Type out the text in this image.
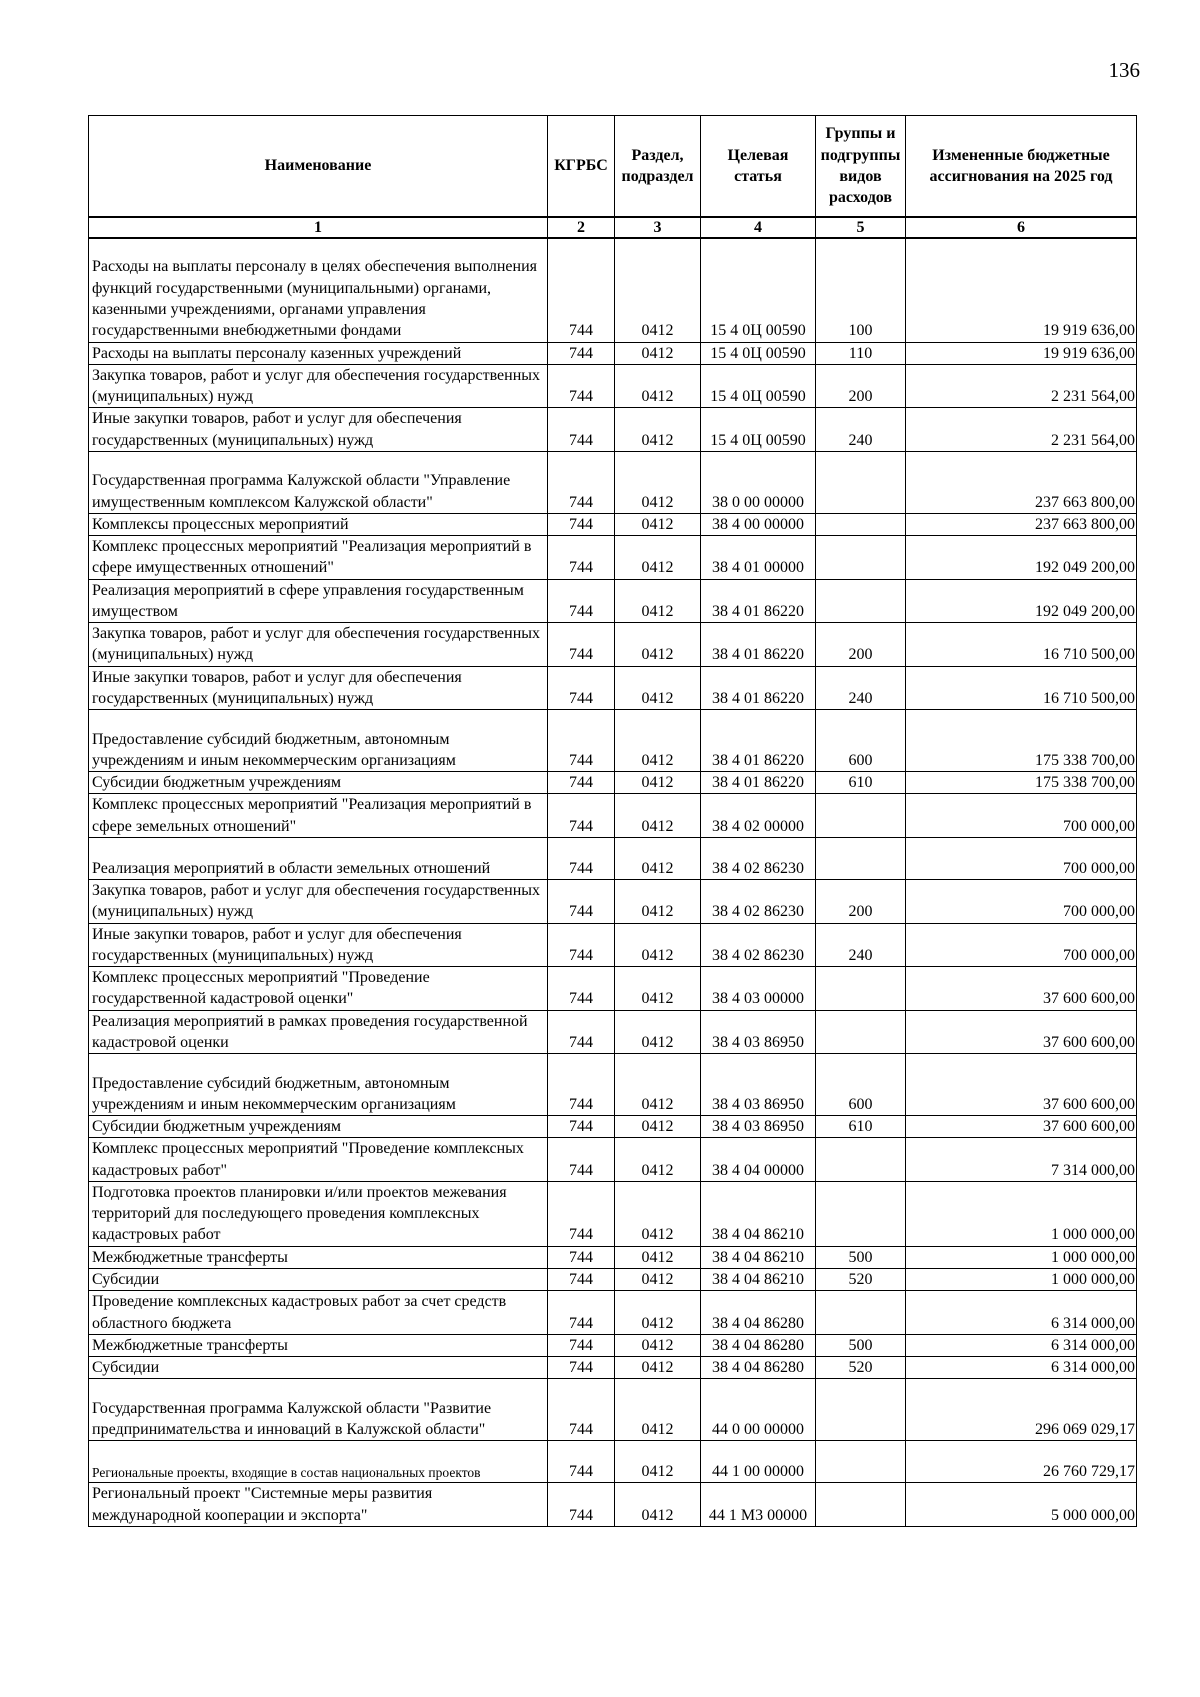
136
Наименование	КГРБС	Раздел, подраздел	Целевая статья	Группы и подгруппы видов расходов	Измененные бюджетные ассигнования на 2025 год
1	2	3	4	5	6
Расходы на выплаты персоналу в целях обеспечения выполнения функций государственными (муниципальными) органами, казенными учреждениями, органами управления государственными внебюджетными фондами	744	0412	15 4 0Ц 00590	100	19 919 636,00
Расходы на выплаты персоналу казенных учреждений	744	0412	15 4 0Ц 00590	110	19 919 636,00
Закупка товаров, работ и услуг для обеспечения государственных (муниципальных) нужд	744	0412	15 4 0Ц 00590	200	2 231 564,00
Иные закупки товаров, работ и услуг для обеспечения государственных (муниципальных) нужд	744	0412	15 4 0Ц 00590	240	2 231 564,00
Государственная программа Калужской области "Управление имущественным комплексом Калужской области"	744	0412	38 0 00 00000		237 663 800,00
Комплексы процессных мероприятий	744	0412	38 4 00 00000		237 663 800,00
Комплекс процессных мероприятий "Реализация мероприятий в сфере имущественных отношений"	744	0412	38 4 01 00000		192 049 200,00
Реализация мероприятий в сфере управления государственным имуществом	744	0412	38 4 01 86220		192 049 200,00
Закупка товаров, работ и услуг для обеспечения государственных (муниципальных) нужд	744	0412	38 4 01 86220	200	16 710 500,00
Иные закупки товаров, работ и услуг для обеспечения государственных (муниципальных) нужд	744	0412	38 4 01 86220	240	16 710 500,00
Предоставление субсидий бюджетным, автономным учреждениям и иным некоммерческим организациям	744	0412	38 4 01 86220	600	175 338 700,00
Субсидии бюджетным учреждениям	744	0412	38 4 01 86220	610	175 338 700,00
Комплекс процессных мероприятий "Реализация мероприятий в сфере земельных отношений"	744	0412	38 4 02 00000		700 000,00
Реализация мероприятий в области земельных отношений	744	0412	38 4 02 86230		700 000,00
Закупка товаров, работ и услуг для обеспечения государственных (муниципальных) нужд	744	0412	38 4 02 86230	200	700 000,00
Иные закупки товаров, работ и услуг для обеспечения государственных (муниципальных) нужд	744	0412	38 4 02 86230	240	700 000,00
Комплекс процессных мероприятий "Проведение государственной кадастровой оценки"	744	0412	38 4 03 00000		37 600 600,00
Реализация мероприятий в рамках проведения государственной кадастровой оценки	744	0412	38 4 03 86950		37 600 600,00
Предоставление субсидий бюджетным, автономным учреждениям и иным некоммерческим организациям	744	0412	38 4 03 86950	600	37 600 600,00
Субсидии бюджетным учреждениям	744	0412	38 4 03 86950	610	37 600 600,00
Комплекс процессных мероприятий "Проведение комплексных кадастровых работ"	744	0412	38 4 04 00000		7 314 000,00
Подготовка проектов планировки и/или проектов межевания территорий для последующего проведения комплексных кадастровых работ	744	0412	38 4 04 86210		1 000 000,00
Межбюджетные трансферты	744	0412	38 4 04 86210	500	1 000 000,00
Субсидии	744	0412	38 4 04 86210	520	1 000 000,00
Проведение комплексных кадастровых работ за счет средств областного бюджета	744	0412	38 4 04 86280		6 314 000,00
Межбюджетные трансферты	744	0412	38 4 04 86280	500	6 314 000,00
Субсидии	744	0412	38 4 04 86280	520	6 314 000,00
Государственная программа Калужской области "Развитие предпринимательства и инноваций в Калужской области"	744	0412	44 0 00 00000		296 069 029,17
Региональные проекты, входящие в состав национальных проектов	744	0412	44 1 00 00000		26 760 729,17
Региональный проект "Системные меры развития международной кооперации и экспорта"	744	0412	44 1 М3 00000		5 000 000,00
